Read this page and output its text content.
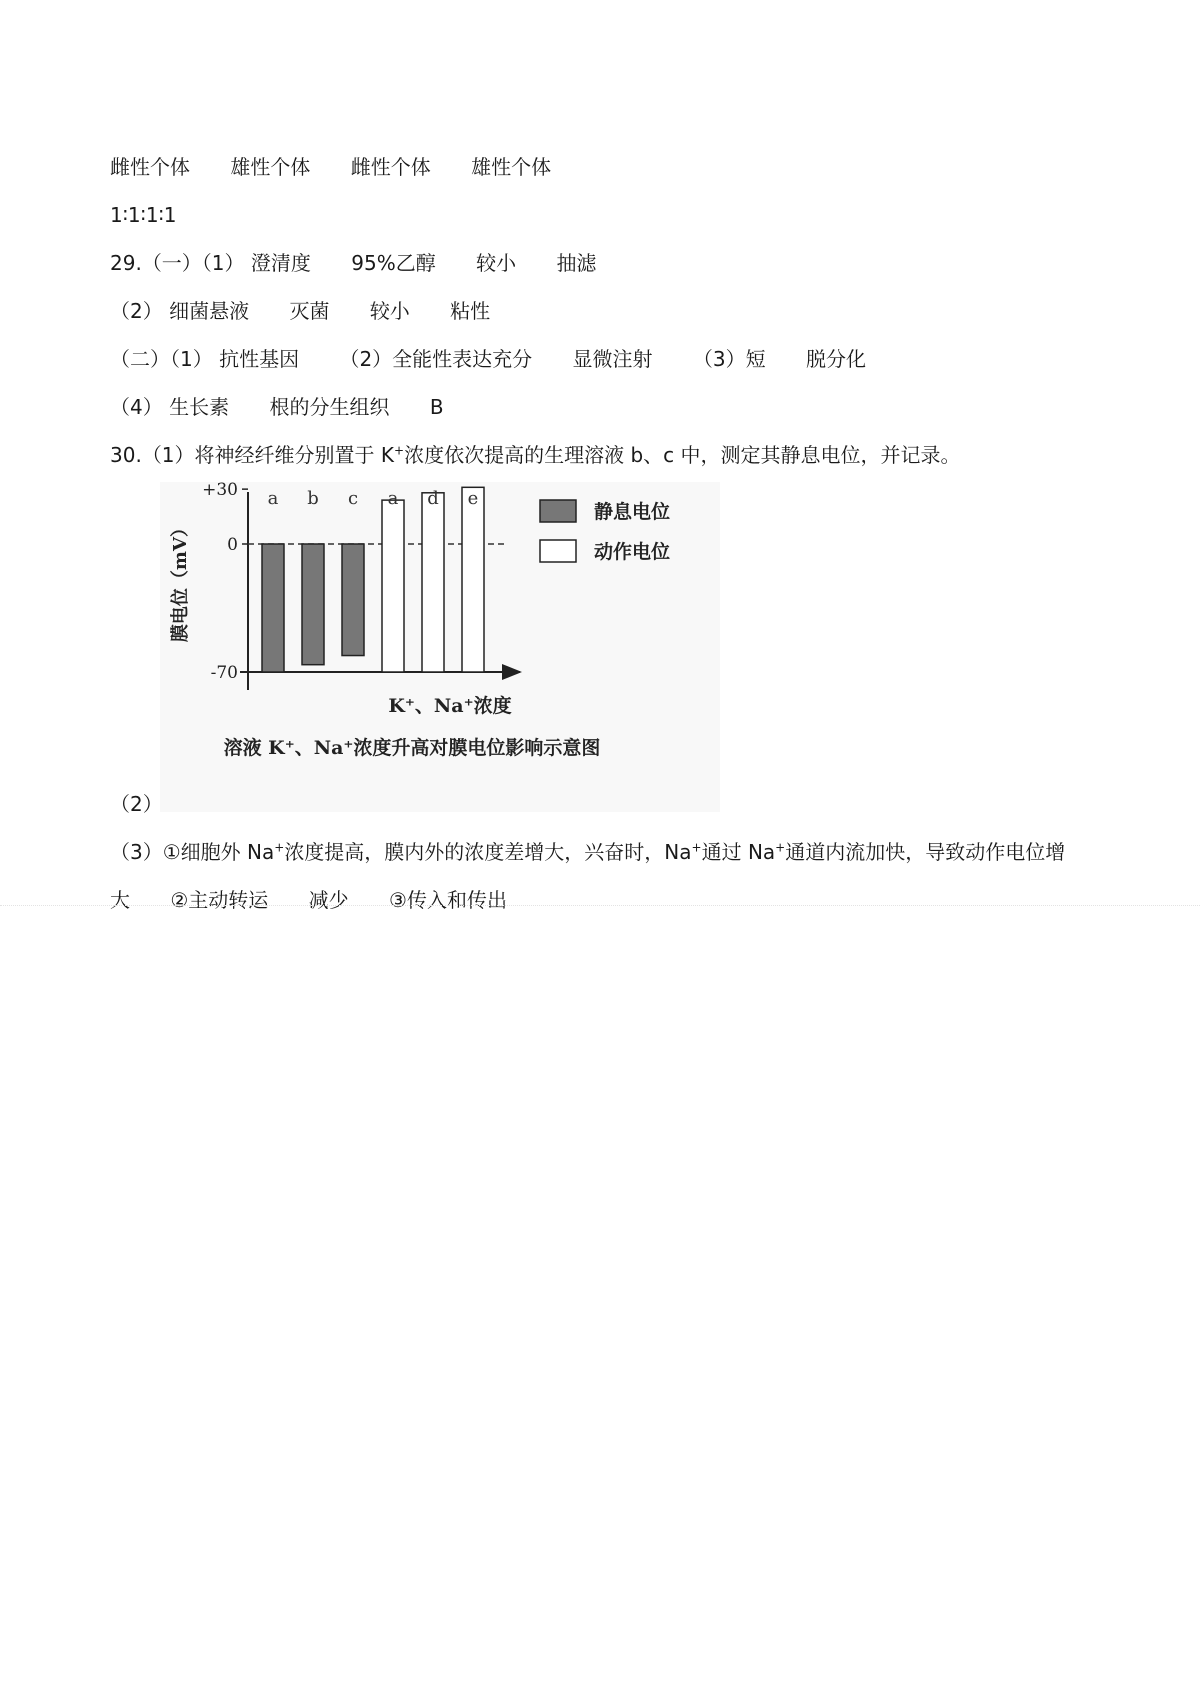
雌性个体 雄性个体 雌性个体 雄性个体
1∶1∶1∶1
29.（一）（1） 澄清度 95%乙醇 较小 抽滤
（2） 细菌悬液 灭菌 较小 粘性
（二）（1） 抗性基因 （2）全能性表达充分 显微注射 （3）短 脱分化
（4） 生长素 根的分生组织 B
30.（1）将神经纤维分别置于 K+浓度依次提高的生理溶液 b、c 中，测定其静息电位，并记录。
+30
0
-70
膜电位（mV）
a b c a d e
K⁺、Na⁺浓度
溶液 K⁺、Na⁺浓度升高对膜电位影响示意图
静息电位
动作电位
（2）
（3）①细胞外 Na+浓度提高，膜内外的浓度差增大，兴奋时，Na+通过 Na+通道内流加快，导致动作电位增
大 ②主动转运 减少 ③传入和传出
